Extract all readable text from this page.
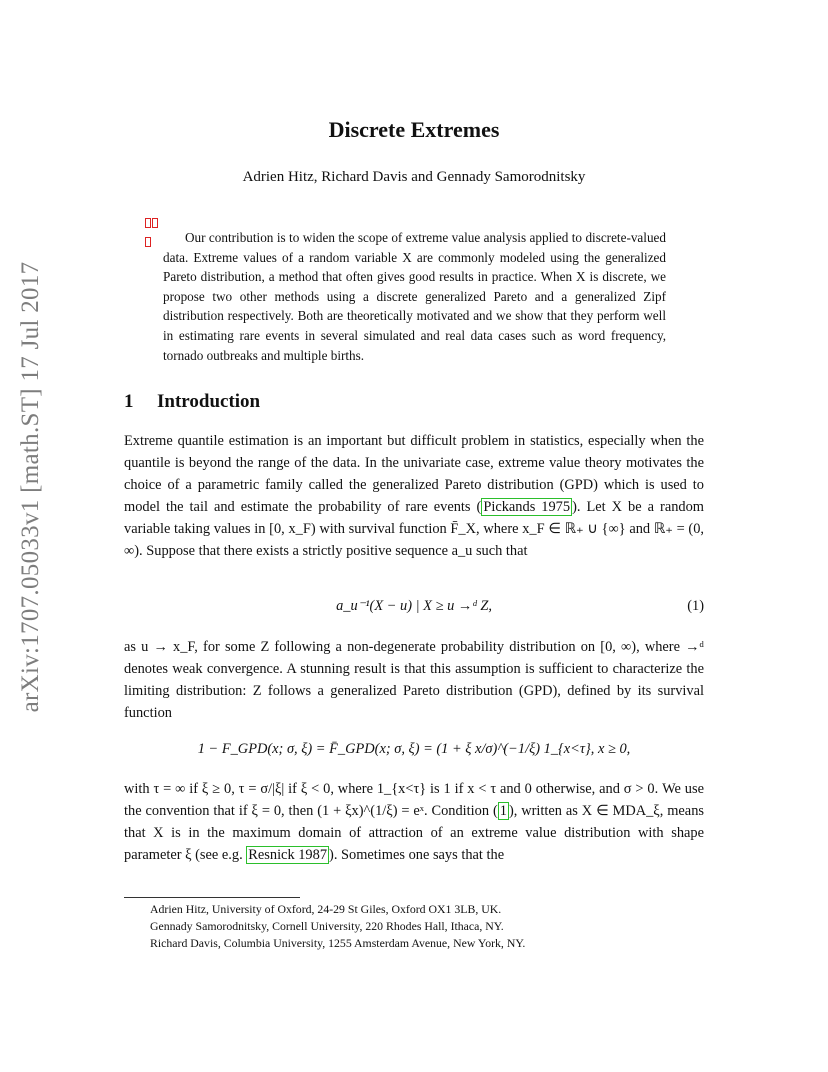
arXiv:1707.05033v1 [math.ST] 17 Jul 2017
Discrete Extremes
Adrien Hitz, Richard Davis and Gennady Samorodnitsky

Our contribution is to widen the scope of extreme value analysis applied to discrete-valued data. Extreme values of a random variable X are commonly modeled using the generalized Pareto distribution, a method that often gives good results in practice. When X is discrete, we propose two other methods using a discrete generalized Pareto and a generalized Zipf distribution respectively. Both are theoretically motivated and we show that they perform well in estimating rare events in several simulated and real data cases such as word frequency, tornado outbreaks and multiple births.

1 Introduction

Extreme quantile estimation is an important but difficult problem in statistics, especially when the quantile is beyond the range of the data. In the univariate case, extreme value theory motivates the choice of a parametric family called the generalized Pareto distribution (GPD) which is used to model the tail and estimate the probability of rare events ( Pickands 1975 ). Let X be a random variable taking values in [0, x_F) with survival function F̄_X, where x_F ∈ ℝ₊ ∪ {∞} and ℝ₊ = (0, ∞). Suppose that there exists a strictly positive sequence a_u such that

a_u⁻¹(X − u) | X ≥ u →ᵈ Z,	(1)

as u → x_F, for some Z following a non-degenerate probability distribution on [0, ∞), where →ᵈ denotes weak convergence. A stunning result is that this assumption is sufficient to characterize the limiting distribution: Z follows a generalized Pareto distribution (GPD), defined by its survival function

1 − F_GPD(x; σ, ξ) = F̄_GPD(x; σ, ξ) = (1 + ξ x/σ)^(−1/ξ) 1_{x<τ}, x ≥ 0,

with τ = ∞ if ξ ≥ 0, τ = σ/|ξ| if ξ < 0, where 1_{x<τ} is 1 if x < τ and 0 otherwise, and σ > 0. We use the convention that if ξ = 0, then (1 + ξx)^(1/ξ) = eˣ. Condition ( 1 ), written as X ∈ MDA_ξ, means that X is in the maximum domain of attraction of an extreme value distribution with shape parameter ξ (see e.g. Resnick 1987 ). Sometimes one says that the

Adrien Hitz, University of Oxford, 24-29 St Giles, Oxford OX1 3LB, UK.
Gennady Samorodnitsky, Cornell University, 220 Rhodes Hall, Ithaca, NY.
Richard Davis, Columbia University, 1255 Amsterdam Avenue, New York, NY.
